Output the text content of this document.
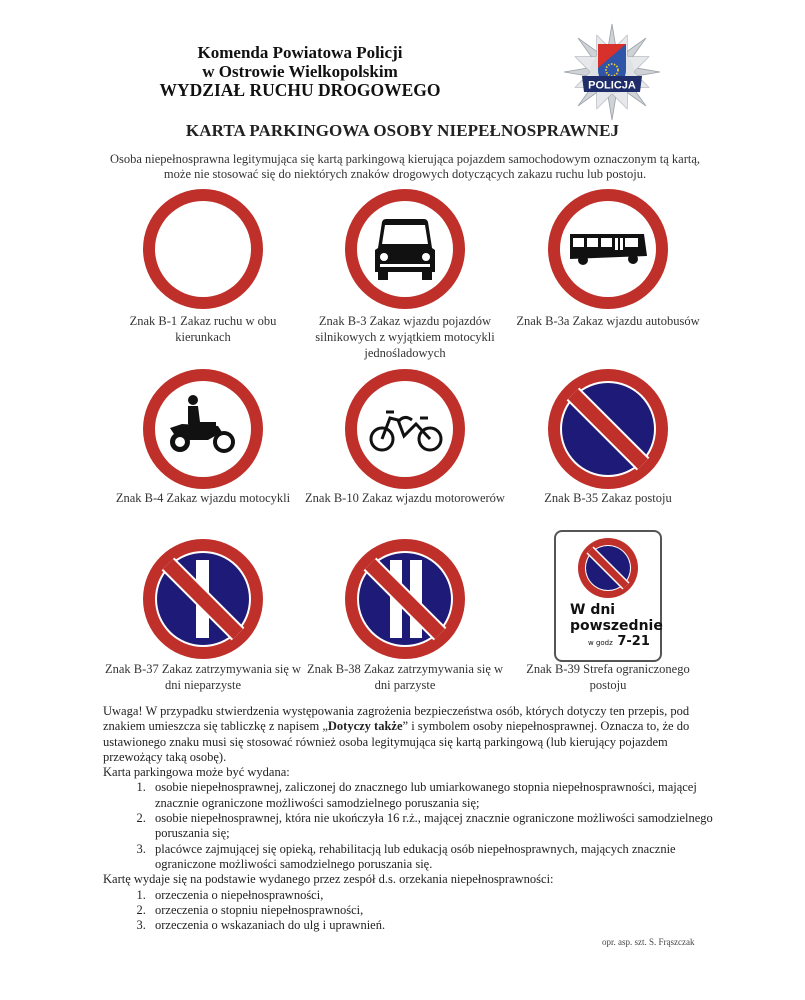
Komenda Powiatowa Policji
w Ostrowie Wielkopolskim
WYDZIAŁ RUCHU DROGOWEGO	POLICJA
KARTA PARKINGOWA OSOBY NIEPEŁNOSPRAWNEJ
Osoba niepełnosprawna legitymująca się kartą parkingową kierująca pojazdem samochodowym oznaczonym tą kartą, może nie stosować się do niektórych znaków drogowych dotyczących zakazu ruchu lub postoju.
Znak B-1 Zakaz ruchu w obu kierunkach
Znak B-3 Zakaz wjazdu pojazdów silnikowych z wyjątkiem motocykli jednośladowych
Znak B-3a Zakaz wjazdu autobusów
Znak B-4 Zakaz wjazdu motocykli	Znak B-10 Zakaz wjazdu motorowerów	Znak B-35 Zakaz postoju
Znak B-37 Zakaz zatrzymywania się w dni nieparzyste
Znak B-38 Zakaz zatrzymywania się w dni parzyste
W dni
powszednie
w godz 7-21
Znak B-39 Strefa ograniczonego postoju

Uwaga! W przypadku stwierdzenia występowania zagrożenia bezpieczeństwa osób, których dotyczy ten przepis, pod znakiem umieszcza się tabliczkę z napisem „Dotyczy także” i symbolem osoby niepełnosprawnej. Oznacza to, że do ustawionego znaku musi się stosować również osoba legitymująca się kartą parkingową (lub kierujący pojazdem przewożący taką osobę).

Karta parkingowa może być wydana:

1. osobie niepełnosprawnej, zaliczonej do znacznego lub umiarkowanego stopnia niepełnosprawności, mającej znacznie ograniczone możliwości samodzielnego poruszania się;
2. osobie niepełnosprawnej, która nie ukończyła 16 r.ż., mającej znacznie ograniczone możliwości samodzielnego poruszania się;
3. placówce zajmującej się opieką, rehabilitacją lub edukacją osób niepełnosprawnych, mających znacznie ograniczone możliwości samodzielnego poruszania się.

Kartę wydaje się na podstawie wydanego przez zespół d.s. orzekania niepełnosprawności:

1. orzeczenia o niepełnosprawności,
2. orzeczenia o stopniu niepełnosprawności,
3. orzeczenia o wskazaniach do ulg i uprawnień.
opr. asp. szt. S. Frąszczak
